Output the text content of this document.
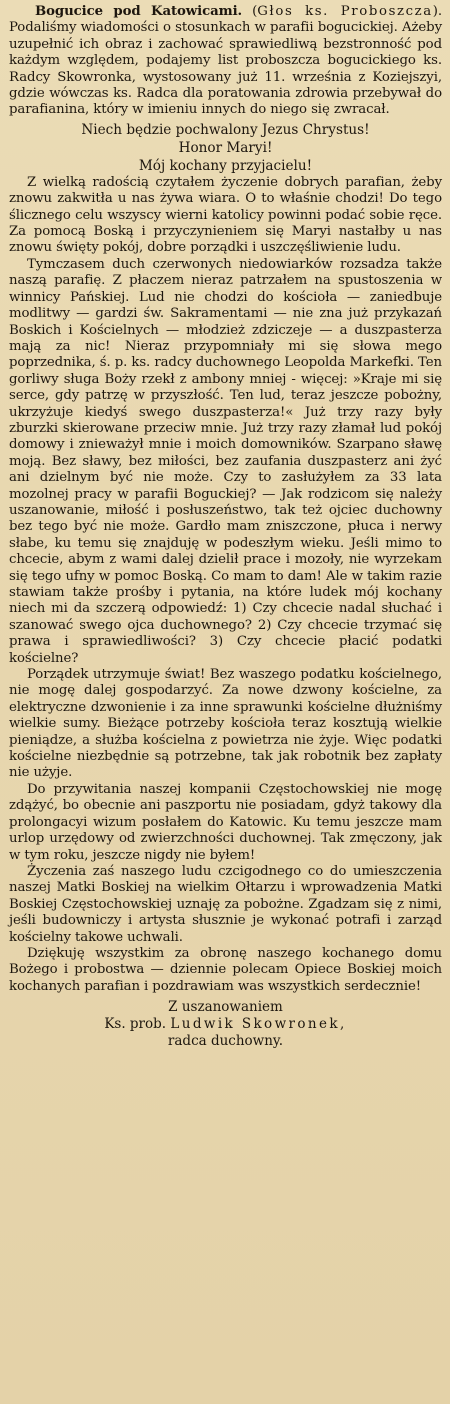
Bogucice pod Katowicami. (Głos ks. Proboszcza). Podaliśmy wiadomości o stosunkach w parafii bogucickiej. Ażeby uzupełnić ich obraz i zachować sprawiedliwą bezstronność pod każdym względem, podajemy list proboszcza bogucickiego ks. Radcy Skowronka, wystosowany już 11. września z Koziejszyi, gdzie wówczas ks. Radca dla poratowania zdrowia przebywał do parafianina, który w imieniu innych do niego się zwracał.

Niech będzie pochwalony Jezus Chrystus!

Honor Maryi!

Mój kochany przyjacielu!

Z wielką radością czytałem życzenie dobrych parafian, żeby znowu zakwitła u nas żywa wiara. O to właśnie chodzi! Do tego ślicznego celu wszyscy wierni katolicy powinni podać sobie ręce. Za pomocą Boską i przyczynieniem się Maryi nastałby u nas znowu święty pokój, dobre porządki i uszczęśliwienie ludu.

Tymczasem duch czerwonych niedowiarków rozsadza także naszą parafię. Z płaczem nieraz patrzałem na spustoszenia w winnicy Pańskiej. Lud nie chodzi do kościoła — zaniedbuje modlitwy — gardzi św. Sakramentami — nie zna już przykazań Boskich i Kościelnych — młodzież zdziczeje — a duszpasterza mają za nic! Nieraz przypomniały mi się słowa mego poprzednika, ś. p. ks. radcy duchownego Leopolda Markefki. Ten gorliwy sługa Boży rzekł z ambony mniej - więcej: »Kraje mi się serce, gdy patrzę w przyszłość. Ten lud, teraz jeszcze pobożny, ukrzyżuje kiedyś swego duszpasterza!« Już trzy razy były zburzki skierowane przeciw mnie. Już trzy razy złamał lud pokój domowy i znieważył mnie i moich domowników. Szarpano sławę moją. Bez sławy, bez miłości, bez zaufania duszpasterz ani żyć ani dzielnym być nie może. Czy to zasłużyłem za 33 lata mozolnej pracy w parafii Boguckiej? — Jak rodzicom się należy uszanowanie, miłość i posłuszeństwo, tak też ojciec duchowny bez tego być nie może. Gardło mam zniszczone, płuca i nerwy słabe, ku temu się znajduję w podeszłym wieku. Jeśli mimo to chcecie, abym z wami dalej dzielił prace i mozoły, nie wyrzekam się tego ufny w pomoc Boską. Co mam to dam! Ale w takim razie stawiam także prośby i pytania, na które ludek mój kochany niech mi da szczerą odpowiedź: 1) Czy chcecie nadal słuchać i szanować swego ojca duchownego? 2) Czy chcecie trzymać się prawa i sprawiedliwości? 3) Czy chcecie płacić podatki kościelne?

Porządek utrzymuje świat! Bez waszego podatku kościelnego, nie mogę dalej gospodarzyć. Za nowe dzwony kościelne, za elektryczne dzwonienie i za inne sprawunki kościelne dłużniśmy wielkie sumy. Bieżące potrzeby kościoła teraz kosztują wielkie pieniądze, a służba kościelna z powietrza nie żyje. Więc podatki kościelne niezbędnie są potrzebne, tak jak robotnik bez zapłaty nie użyje.

Do przywitania naszej kompanii Częstochowskiej nie mogę zdążyć, bo obecnie ani paszportu nie posiadam, gdyż takowy dla prolongacyi wizum posłałem do Katowic. Ku temu jeszcze mam urlop urzędowy od zwierzchności duchownej. Tak zmęczony, jak w tym roku, jeszcze nigdy nie byłem!

Życzenia zaś naszego ludu czcigodnego co do umieszczenia naszej Matki Boskiej na wielkim Ołtarzu i wprowadzenia Matki Boskiej Częstochowskiej uznaję za pobożne. Zgadzam się z nimi, jeśli budowniczy i artysta słusznie je wykonać potrafi i zarząd kościelny takowe uchwali.

Dziękuję wszystkim za obronę naszego kochanego domu Bożego i probostwa — dziennie polecam Opiece Boskiej moich kochanych parafian i pozdrawiam was wszystkich serdecznie!

Z uszanowaniem

Ks. prob. Ludwik Skowronek,

radca duchowny.
